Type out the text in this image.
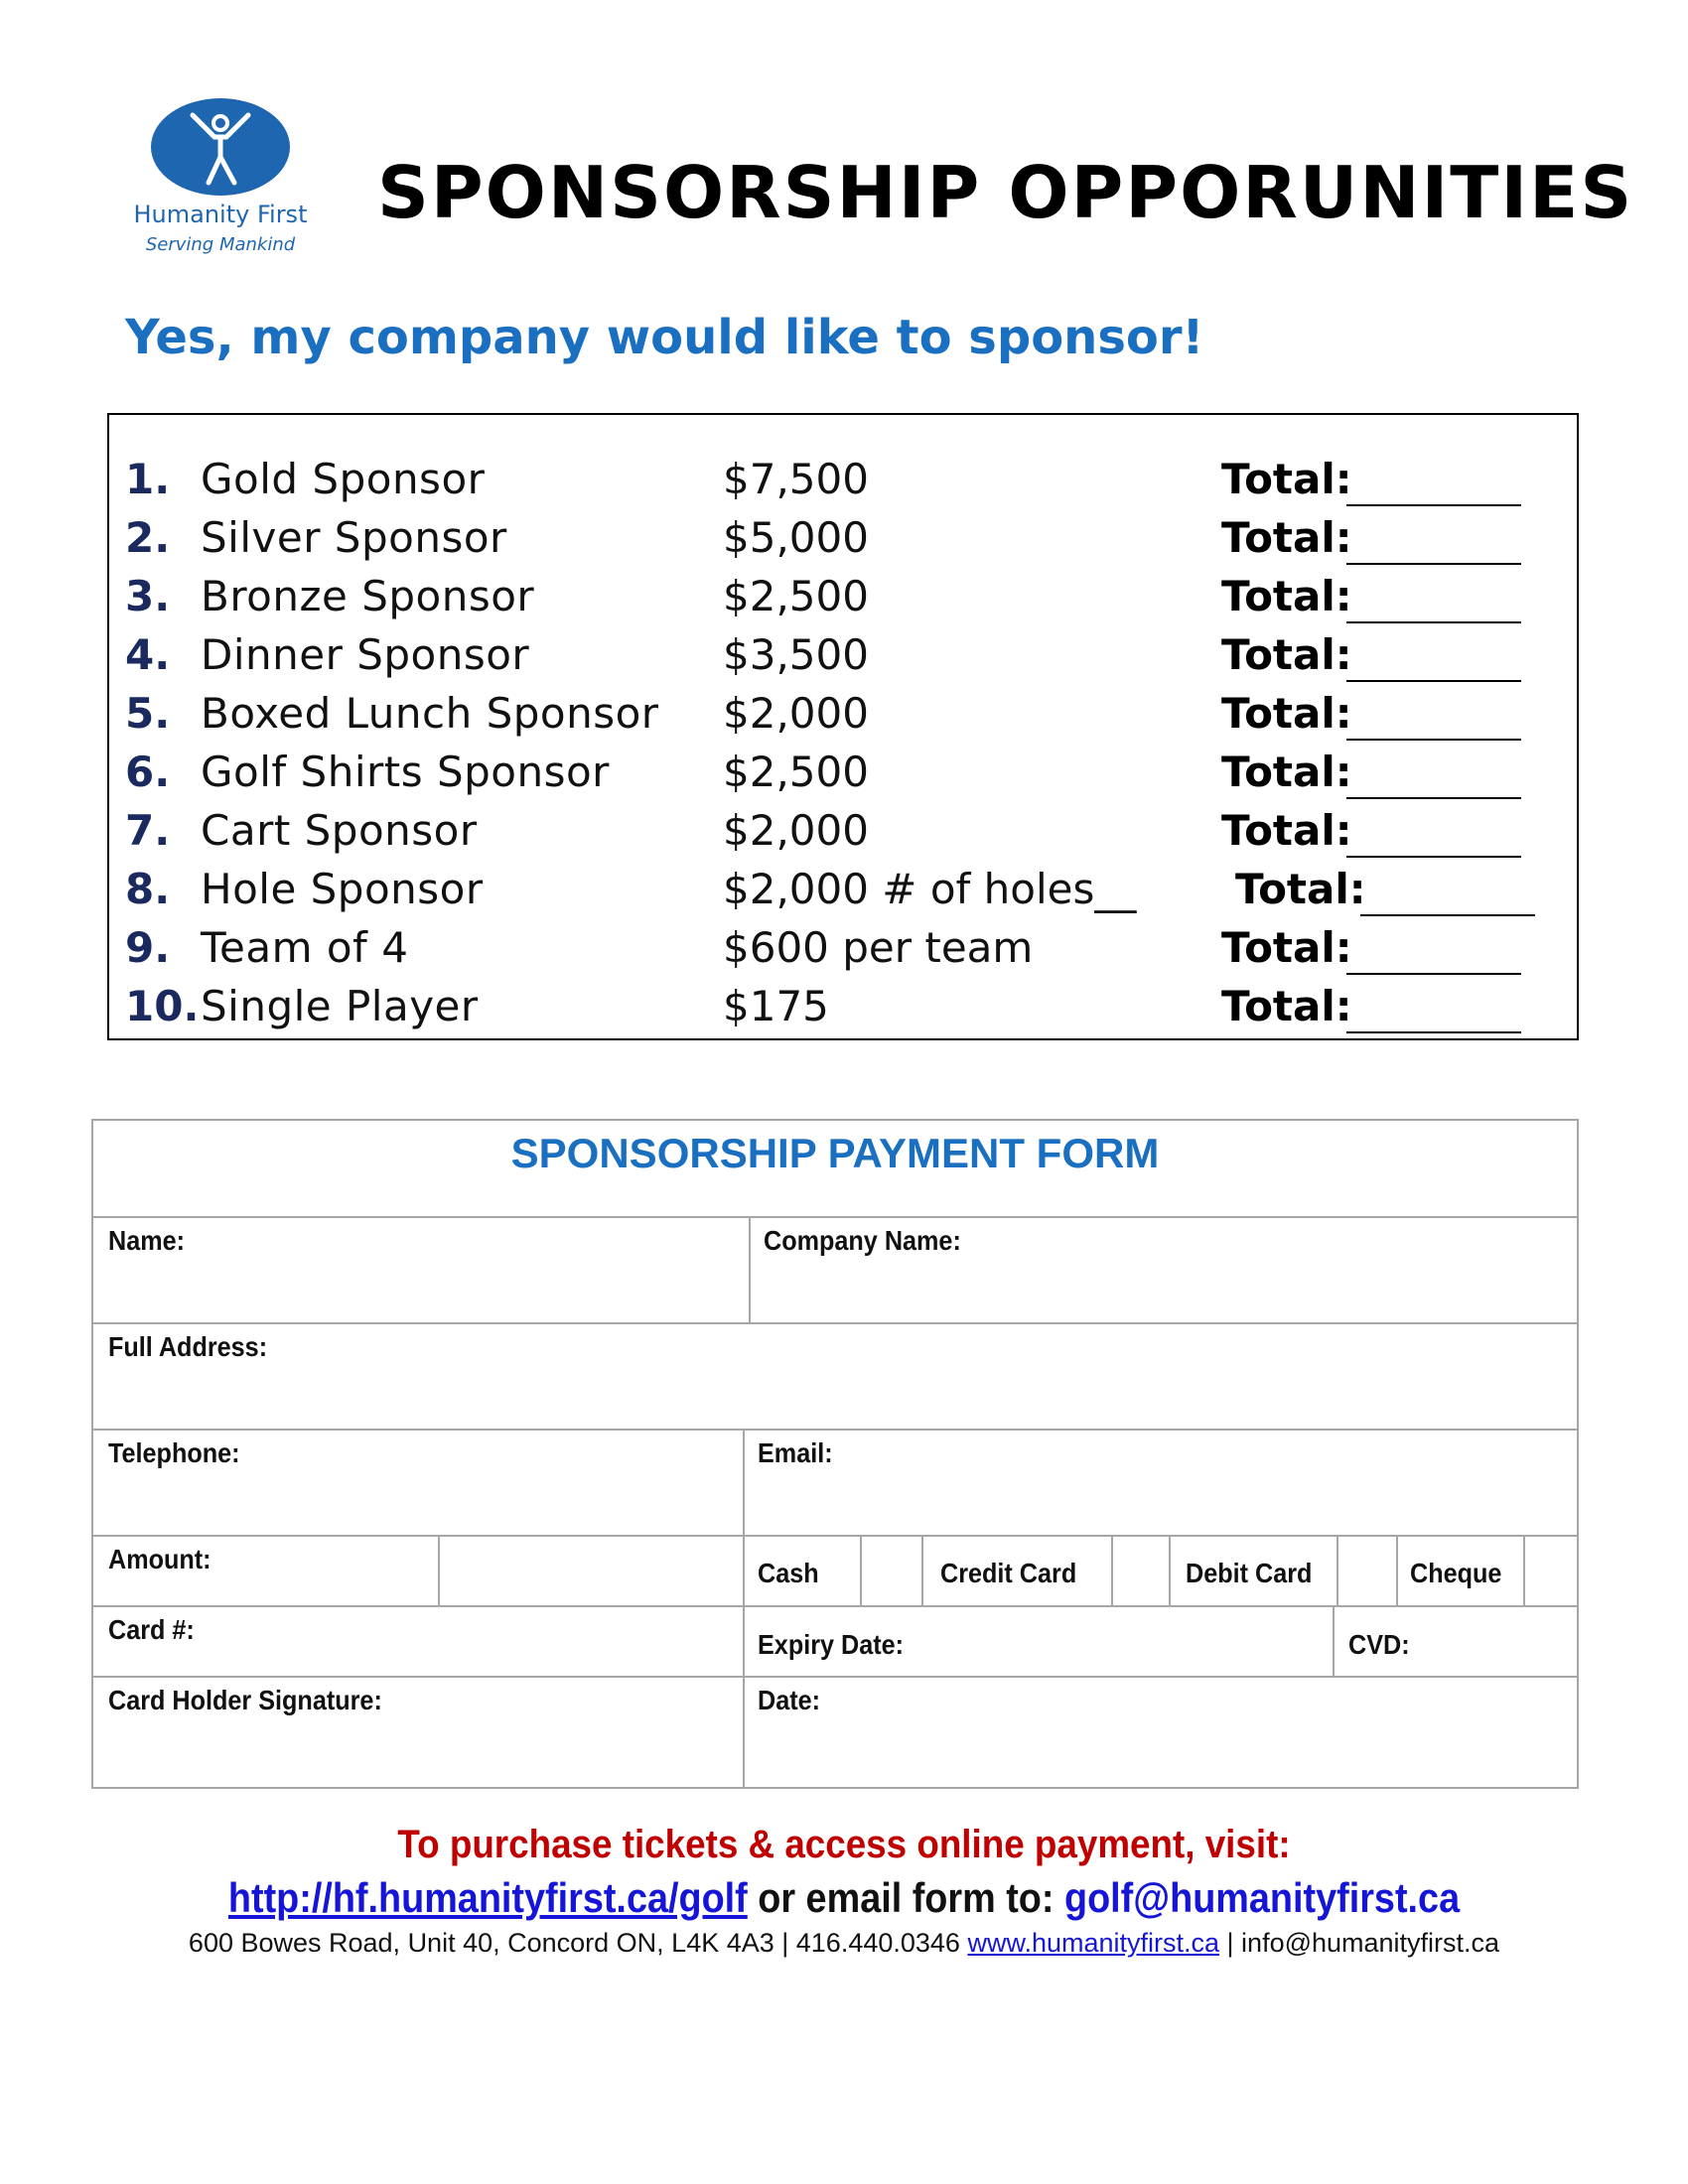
Humanity First
Serving Mankind
SPONSORSHIP OPPORUNITIES
Yes, my company would like to sponsor!
1. Gold Sponsor	$7,500	Total:
2. Silver Sponsor	$5,000	Total:
3. Bronze Sponsor	$2,500	Total:
4. Dinner Sponsor	$3,500	Total:
5. Boxed Lunch Sponsor $2,000	Total:
6. Golf Shirts Sponsor	$2,500	Total:
7. Cart Sponsor	$2,000	Total:
8. Hole Sponsor	$2,000 # of holes__ Total:
9. Team of 4	$600 per team	Total:
10. Single Player	$175	Total:
SPONSORSHIP PAYMENT FORM
Name:	Company Name:
Full Address:
Telephone:	Email:
Amount:	Cash	Credit Card	Debit Card	Cheque
Card #:	Expiry Date:	CVD:
Card Holder Signature:	Date:
To purchase tickets & access online payment, visit:
http://hf.humanityfirst.ca/golf or email form to: golf@humanityfirst.ca
600 Bowes Road, Unit 40, Concord ON, L4K 4A3 | 416.440.0346 www.humanityfirst.ca | info@humanityfirst.ca
